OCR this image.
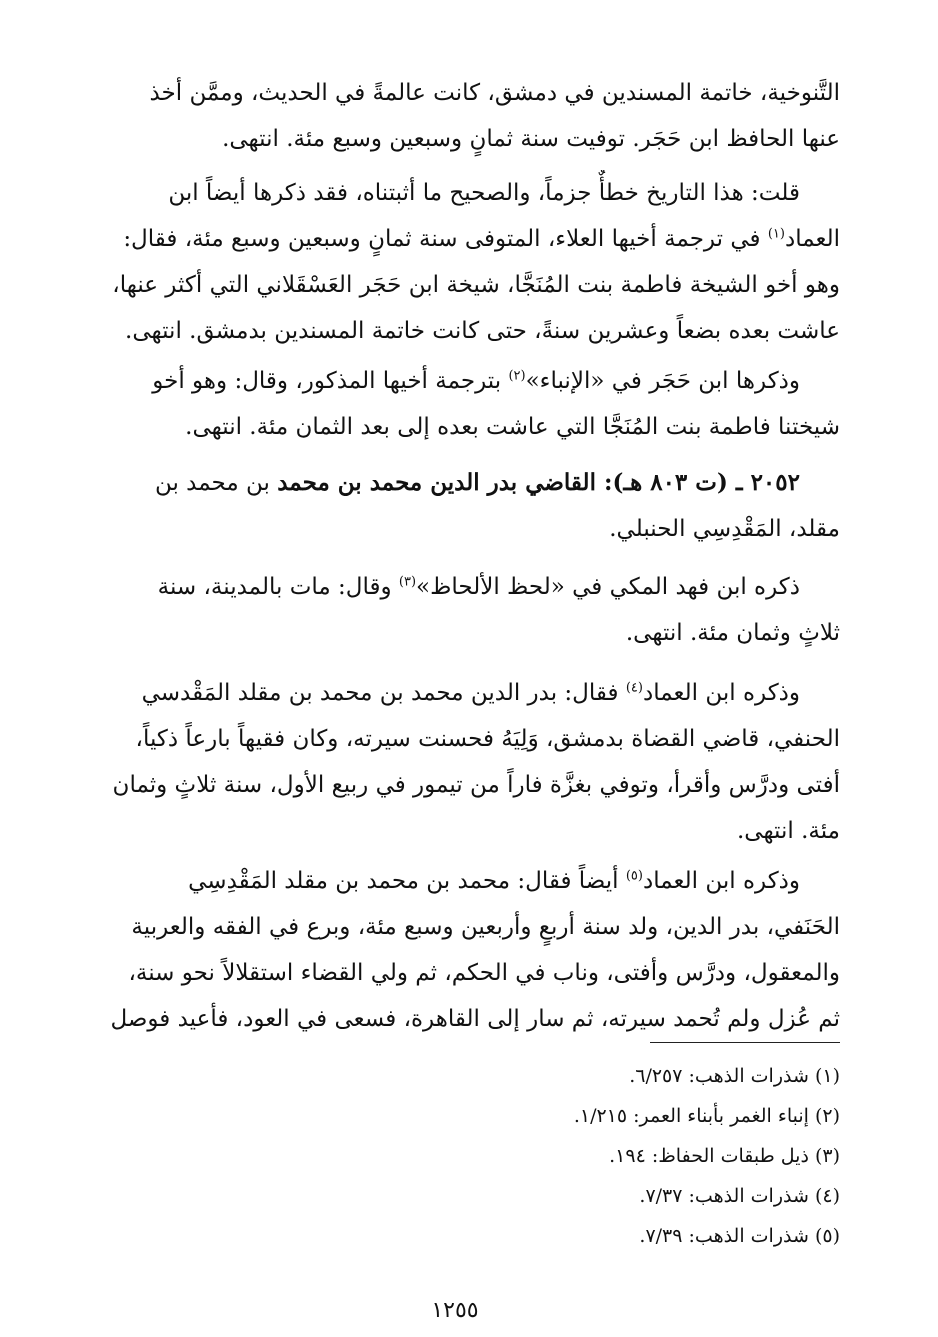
التَّنوخية، خاتمة المسندين في دمشق، كانت عالمةً في الحديث، وممَّن أخذ
عنها الحافظ ابن حَجَر. توفيت سنة ثمانٍ وسبعين وسبع مئة. انتهى.
قلت: هذا التاريخ خطأٌ جزماً، والصحيح ما أثبتناه، فقد ذكرها أيضاً ابن
العماد$^{(١)}$ في ترجمة أخيها العلاء، المتوفى سنة ثمانٍ وسبعين وسبع مئة، فقال:
وهو أخو الشيخة فاطمة بنت المُنَجَّا، شيخة ابن حَجَر العَسْقَلاني التي أكثر عنها،
عاشت بعده بضعاً وعشرين سنةً، حتى كانت خاتمة المسندين بدمشق. انتهى.
وذكرها ابن حَجَر في «الإنباء»$^{(٢)}$ بترجمة أخيها المذكور، وقال: وهو أخو
شيختنا فاطمة بنت المُنَجَّا التي عاشت بعده إلى بعد الثمان مئة. انتهى.
٢٠٥٢ ـ (ت ٨٠٣ هـ): القاضي بدر الدين محمد بن محمد بن محمد بن
مقلد، المَقْدِسِي الحنبلي.
ذكره ابن فهد المكي في «لحظ الألحاظ»$^{(٣)}$ وقال: مات بالمدينة، سنة
ثلاثٍ وثمان مئة. انتهى.
وذكره ابن العماد$^{(٤)}$ فقال: بدر الدين محمد بن محمد بن مقلد المَقْدسي
الحنفي، قاضي القضاة بدمشق، وَلِيَهُ فحسنت سيرته، وكان فقيهاً بارعاً ذكياً،
أفتى ودرَّس وأقرأ، وتوفي بغزَّة فاراً من تيمور في ربيع الأول، سنة ثلاثٍ وثمان
مئة. انتهى.
وذكره ابن العماد$^{(٥)}$ أيضاً فقال: محمد بن محمد بن مقلد المَقْدِسِي
الحَنَفي، بدر الدين، ولد سنة أربعٍ وأربعين وسبع مئة، وبرع في الفقه والعربية
والمعقول، ودرَّس وأفتى، وناب في الحكم، ثم ولي القضاء استقلالاً نحو سنة،
ثم عُزل ولم تُحمد سيرته، ثم سار إلى القاهرة، فسعى في العود، فأعيد فوصل
(١) شذرات الذهب: ٦/٢٥٧.
(٢) إنباء الغمر بأبناء العمر: ١/٢١٥.
(٣) ذيل طبقات الحفاظ: ١٩٤.
(٤) شذرات الذهب: ٧/٣٧.
(٥) شذرات الذهب: ٧/٣٩.
١٢٥٥
